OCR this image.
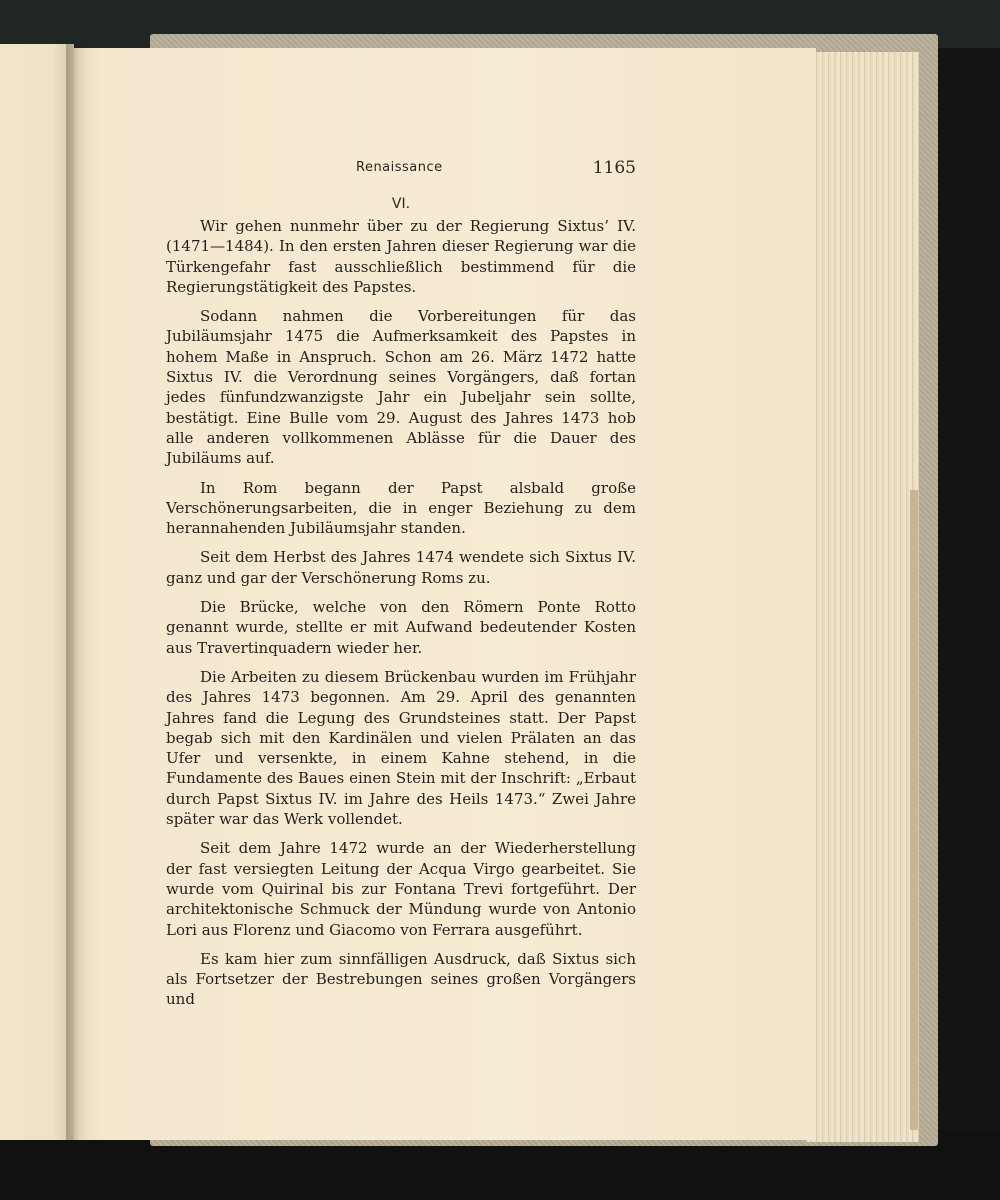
Renaissance	1165
VI.

Wir gehen nunmehr über zu der Regierung Sixtus’ IV. (1471—1484). In den ersten Jahren dieser Regierung war die Türkengefahr fast ausschließlich bestimmend für die Regierungstätigkeit des Papstes.

Sodann nahmen die Vorbereitungen für das Jubiläumsjahr 1475 die Aufmerksamkeit des Papstes in hohem Maße in Anspruch. Schon am 26. März 1472 hatte Sixtus IV. die Verordnung seines Vorgängers, daß fortan jedes fünfundzwanzigste Jahr ein Jubeljahr sein sollte, bestätigt. Eine Bulle vom 29. August des Jahres 1473 hob alle anderen vollkommenen Ablässe für die Dauer des Jubiläums auf.

In Rom begann der Papst alsbald große Verschönerungsarbeiten, die in enger Beziehung zu dem herannahenden Jubiläumsjahr standen.

Seit dem Herbst des Jahres 1474 wendete sich Sixtus IV. ganz und gar der Verschönerung Roms zu.

Die Brücke, welche von den Römern Ponte Rotto genannt wurde, stellte er mit Aufwand bedeutender Kosten aus Travertinquadern wieder her.

Die Arbeiten zu diesem Brückenbau wurden im Frühjahr des Jahres 1473 begonnen. Am 29. April des genannten Jahres fand die Legung des Grundsteines statt. Der Papst begab sich mit den Kardinälen und vielen Prälaten an das Ufer und versenkte, in einem Kahne stehend, in die Fundamente des Baues einen Stein mit der Inschrift: „Erbaut durch Papst Sixtus IV. im Jahre des Heils 1473.“ Zwei Jahre später war das Werk vollendet.

Seit dem Jahre 1472 wurde an der Wiederherstellung der fast versiegten Leitung der Acqua Virgo gearbeitet. Sie wurde vom Quirinal bis zur Fontana Trevi fortgeführt. Der architektonische Schmuck der Mündung wurde von Antonio Lori aus Florenz und Giacomo von Ferrara ausgeführt.

Es kam hier zum sinnfälligen Ausdruck, daß Sixtus sich als Fortsetzer der Bestrebungen seines großen Vorgängers und
